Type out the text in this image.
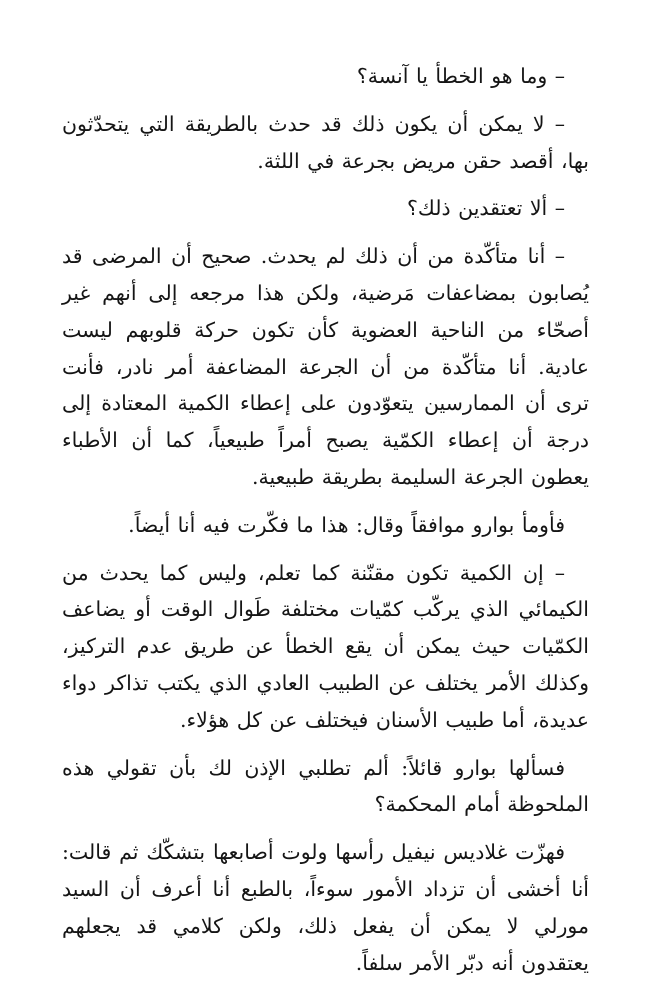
– وما هو الخطأ يا آنسة؟

– لا يمكن أن يكون ذلك قد حدث بالطريقة التي يتحدّثون بها، أقصد حقن مريض بجرعة في اللثة.

– ألا تعتقدين ذلك؟

– أنا متأكّدة من أن ذلك لم يحدث. صحيح أن المرضى قد يُصابون بمضاعفات مَرضية، ولكن هذا مرجعه إلى أنهم غير أصحّاء من الناحية العضوية كأن تكون حركة قلوبهم ليست عادية. أنا متأكّدة من أن الجرعة المضاعفة أمر نادر، فأنت ترى أن الممارسين يتعوّدون على إعطاء الكمية المعتادة إلى درجة أن إعطاء الكمّية يصبح أمراً طبيعياً، كما أن الأطباء يعطون الجرعة السليمة بطريقة طبيعية.

فأومأ بوارو موافقاً وقال: هذا ما فكّرت فيه أنا أيضاً.

– إن الكمية تكون مقنّنة كما تعلم، وليس كما يحدث من الكيمائي الذي يركّب كمّيات مختلفة طَوال الوقت أو يضاعف الكمّيات حيث يمكن أن يقع الخطأ عن طريق عدم التركيز، وكذلك الأمر يختلف عن الطبيب العادي الذي يكتب تذاكر دواء عديدة، أما طبيب الأسنان فيختلف عن كل هؤلاء.

فسألها بوارو قائلاً: ألم تطلبي الإذن لك بأن تقولي هذه الملحوظة أمام المحكمة؟

فهزّت غلاديس نيفيل رأسها ولوت أصابعها بتشكّك ثم قالت: أنا أخشى أن تزداد الأمور سوءاً، بالطبع أنا أعرف أن السيد مورلي لا يمكن أن يفعل ذلك، ولكن كلامي قد يجعلهم يعتقدون أنه دبّر الأمر سلفاً.
